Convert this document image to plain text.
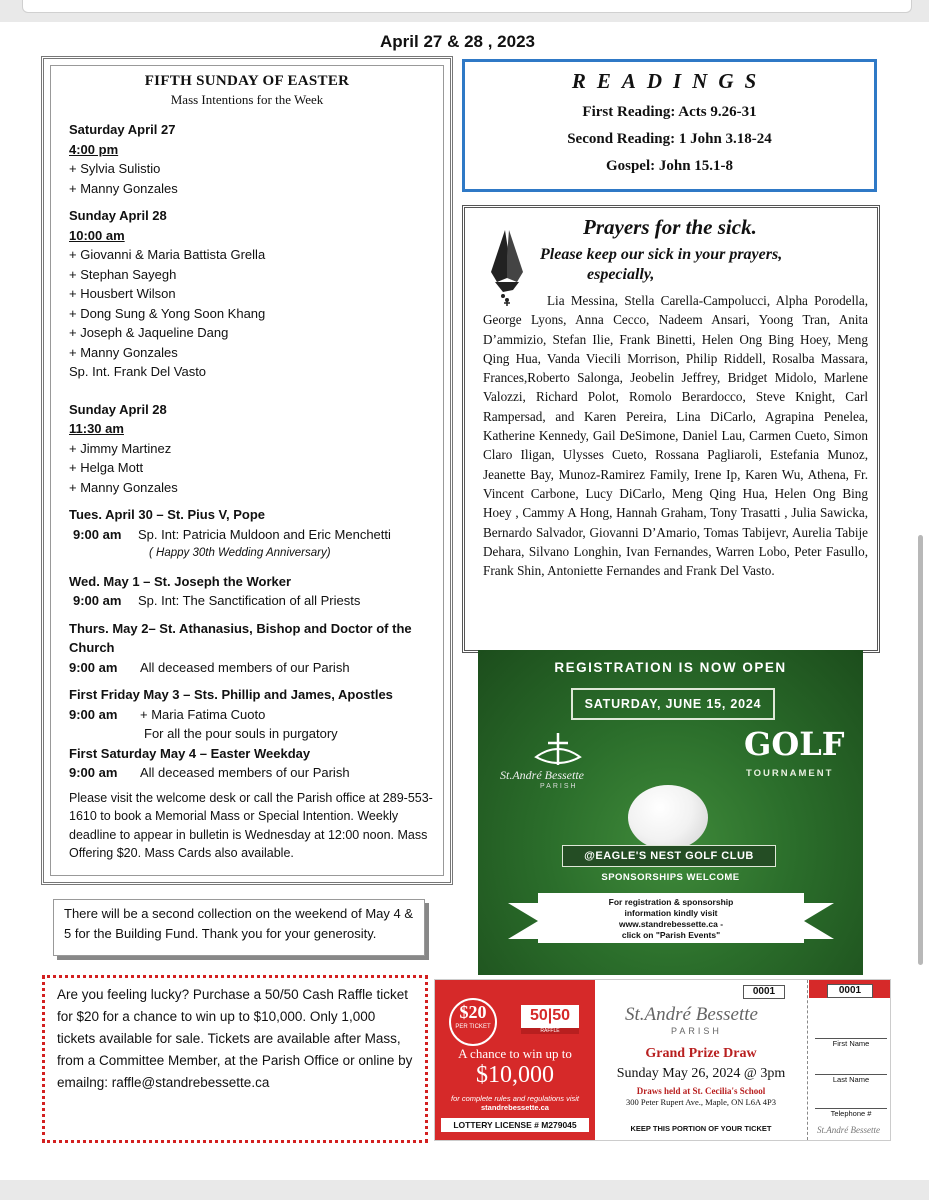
April 27 & 28 , 2023
FIFTH SUNDAY OF EASTER
Mass Intentions for the Week
Saturday April 27
4:00 pm
+ Sylvia Sulistio
+ Manny Gonzales
Sunday April 28
10:00 am
+ Giovanni & Maria Battista Grella
+ Stephan Sayegh
+ Housbert Wilson
+ Dong Sung & Yong Soon Khang
+ Joseph & Jaqueline Dang
+ Manny Gonzales
Sp. Int. Frank Del Vasto
Sunday April 28
11:30 am
+ Jimmy Martinez
+ Helga Mott
+ Manny Gonzales
Tues. April 30 – St. Pius V, Pope
9:00 am Sp. Int: Patricia Muldoon and Eric Menchetti
( Happy 30th Wedding Anniversary)
Wed. May 1 – St. Joseph the Worker
9:00 am Sp. Int: The Sanctification of all Priests
Thurs. May 2– St. Athanasius, Bishop and Doctor of the Church
9:00 am All deceased members of our Parish
First Friday May 3 – Sts. Phillip and James, Apostles
9:00 am + Maria Fatima Cuoto
For all the pour souls in purgatory
First Saturday May 4 – Easter Weekday
9:00 am All deceased members of our Parish
Please visit the welcome desk or call the Parish office at 289-553-1610 to book a Memorial Mass or Special Intention. Weekly deadline to appear in bulletin is Wednesday at 12:00 noon. Mass Offering $20. Mass Cards also available.
READINGS
First Reading: Acts 9.26-31
Second Reading: 1 John 3.18-24
Gospel: John 15.1-8
Prayers for the sick.
Please keep our sick in your prayers,
especially,
Lia Messina, Stella Carella-Campolucci, Alpha Porodella, George Lyons, Anna Cecco, Nadeem Ansari, Yoong Tran, Anita D’ammizio, Stefan Ilie, Frank Binetti, Helen Ong Bing Hoey, Meng Qing Hua, Vanda Viecili Morrison, Philip Riddell, Rosalba Massara, Frances,Roberto Salonga, Jeobelin Jeffrey, Bridget Midolo, Marlene Valozzi, Richard Polot, Romolo Berardocco, Steve Knight, Carl Rampersad, and Karen Pereira, Lina DiCarlo, Agrapina Penelea, Katherine Kennedy, Gail DeSimone, Daniel Lau, Carmen Cueto, Simon Claro Iligan, Ulysses Cueto, Rossana Pagliaroli, Estefania Munoz, Jeanette Bay, Munoz-Ramirez Family, Irene Ip, Karen Wu, Athena, Fr. Vincent Carbone, Lucy DiCarlo, Meng Qing Hua, Helen Ong Bing Hoey , Cammy A Hong, Hannah Graham, Tony Trasatti , Julia Sawicka, Bernardo Salvador, Giovanni D’Amario, Tomas Tabijevr, Aurelia Tabije Dehara, Silvano Longhin, Ivan Fernandes, Warren Lobo, Peter Fasullo, Frank Shin, Antoniette Fernandes and Frank Del Vasto.
REGISTRATION IS NOW OPEN
SATURDAY, JUNE 15, 2024
St.André Bessette
PARISH
GOLF
TOURNAMENT
@EAGLE'S NEST GOLF CLUB
SPONSORSHIPS WELCOME
For registration & sponsorship
information kindly visit
www.standrebessette.ca -
click on "Parish Events"
There will be a second collection on the weekend of May 4 & 5 for the Building Fund. Thank you for your generosity.
Are you feeling lucky? Purchase a 50/50 Cash Raffle ticket for $20 for a chance to win up to $10,000. Only 1,000 tickets available for sale. Tickets are available after Mass, from a Committee Member, at the Parish Office or online by emailng: raffle@standrebessette.ca
$20
PER TICKET
50|50
RAFFLE
A chance to win up to
$10,000
for complete rules and regulations visit
standrebessette.ca
LOTTERY LICENSE # M279045
0001
St.André Bessette
PARISH
Grand Prize Draw
Sunday May 26, 2024 @ 3pm
Draws held at St. Cecilia's School
300 Peter Rupert Ave., Maple, ON L6A 4P3
KEEP THIS PORTION OF YOUR TICKET
0001
First Name
Last Name
Telephone #
St.André Bessette
